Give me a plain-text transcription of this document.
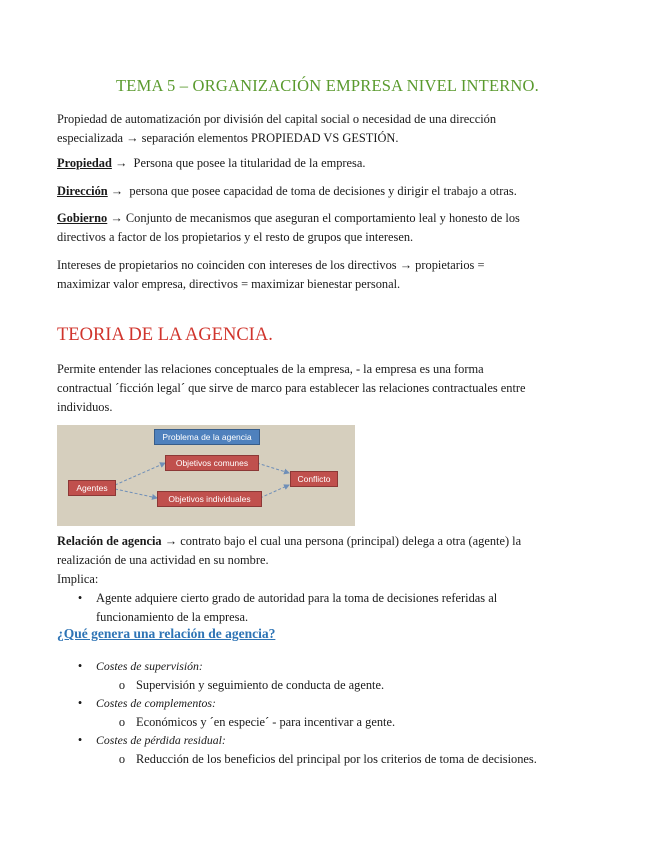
TEMA 5 – ORGANIZACIÓN EMPRESA NIVEL INTERNO.
Propiedad de automatización por división del capital social o necesidad de una dirección
especializada → separación elementos PROPIEDAD VS GESTIÓN.
Propiedad →  Persona que posee la titularidad de la empresa.
Dirección →  persona que posee capacidad de toma de decisiones y dirigir el trabajo a otras.
Gobierno → Conjunto de mecanismos que aseguran el comportamiento leal y honesto de los
directivos a factor de los propietarios y el resto de grupos que interesen.
Intereses de propietarios no coinciden con intereses de los directivos → propietarios =
maximizar valor empresa, directivos = maximizar bienestar personal.
TEORIA DE LA AGENCIA.
Permite entender las relaciones conceptuales de la empresa, - la empresa es una forma
contractual ´ficción legal´ que sirve de marco para establecer las relaciones contractuales entre
individuos.
Problema de la agencia
Agentes
Objetivos comunes
Objetivos individuales
Conflicto
Relación de agencia → contrato bajo el cual una persona (principal) delega a otra (agente) la
realización de una actividad en su nombre.
Implica:
• Agente adquiere cierto grado de autoridad para la toma de decisiones referidas al
funcionamiento de la empresa.
¿Qué genera una relación de agencia?
• Costes de supervisión:
o Supervisión y seguimiento de conducta de agente.
• Costes de complementos:
o Económicos y ´en especie´ - para incentivar a gente.
• Costes de pérdida residual:
o Reducción de los beneficios del principal por los criterios de toma de decisiones.
